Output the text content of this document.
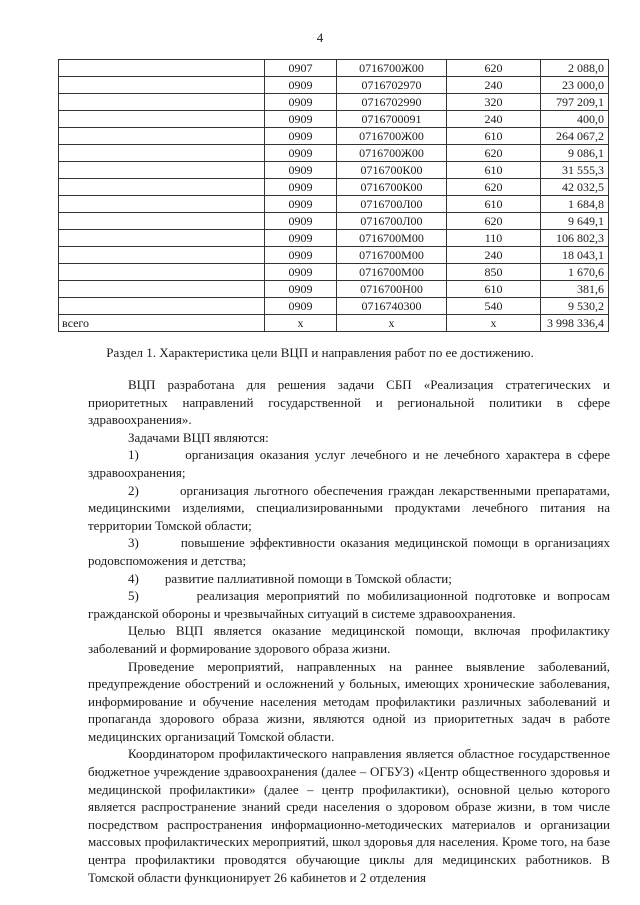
4
	0907	0716700Ж00	620	2 088,0
	0909	0716702970	240	23 000,0
	0909	0716702990	320	797 209,1
	0909	0716700091	240	400,0
	0909	0716700Ж00	610	264 067,2
	0909	0716700Ж00	620	9 086,1
	0909	0716700К00	610	31 555,3
	0909	0716700К00	620	42 032,5
	0909	0716700Л00	610	1 684,8
	0909	0716700Л00	620	9 649,1
	0909	0716700М00	110	106 802,3
	0909	0716700М00	240	18 043,1
	0909	0716700М00	850	1 670,6
	0909	0716700Н00	610	381,6
	0909	0716740300	540	9 530,2
всего	x	x	x	3 998 336,4
Раздел 1. Характеристика цели ВЦП и направления работ по ее достижению.

ВЦП разработана для решения задачи СБП «Реализация стратегических и приоритетных направлений государственной и региональной политики в сфере здравоохранения».

Задачами ВЦП являются:

1)	организация оказания услуг лечебного и не лечебного характера в сфере здравоохранения;

2)	организация льготного обеспечения граждан лекарственными препаратами, медицинскими изделиями, специализированными продуктами лечебного питания на территории Томской области;

3)	повышение эффективности оказания медицинской помощи в организациях родовспоможения и детства;

4) развитие паллиативной помощи в Томской области;

5)	реализация мероприятий по мобилизационной подготовке и вопросам гражданской обороны и чрезвычайных ситуаций в системе здравоохранения.

Целью ВЦП является оказание медицинской помощи, включая профилактику заболеваний и формирование здорового образа жизни.

Проведение мероприятий, направленных на раннее выявление заболеваний, предупреждение обострений и осложнений у больных, имеющих хронические заболевания, информирование и обучение населения методам профилактики различных заболеваний и пропаганда здорового образа жизни, являются одной из приоритетных задач в работе медицинских организаций Томской области.

Координатором профилактического направления является областное государственное бюджетное учреждение здравоохранения (далее – ОГБУЗ) «Центр общественного здоровья и медицинской профилактики» (далее – центр профилактики), основной целью которого является распространение знаний среди населения о здоровом образе жизни, в том числе посредством распространения информационно-методических материалов и организации массовых профилактических мероприятий, школ здоровья для населения. Кроме того, на базе центра профилактики проводятся обучающие циклы для медицинских работников. В Томской области функционирует 26 кабинетов и 2 отделения
